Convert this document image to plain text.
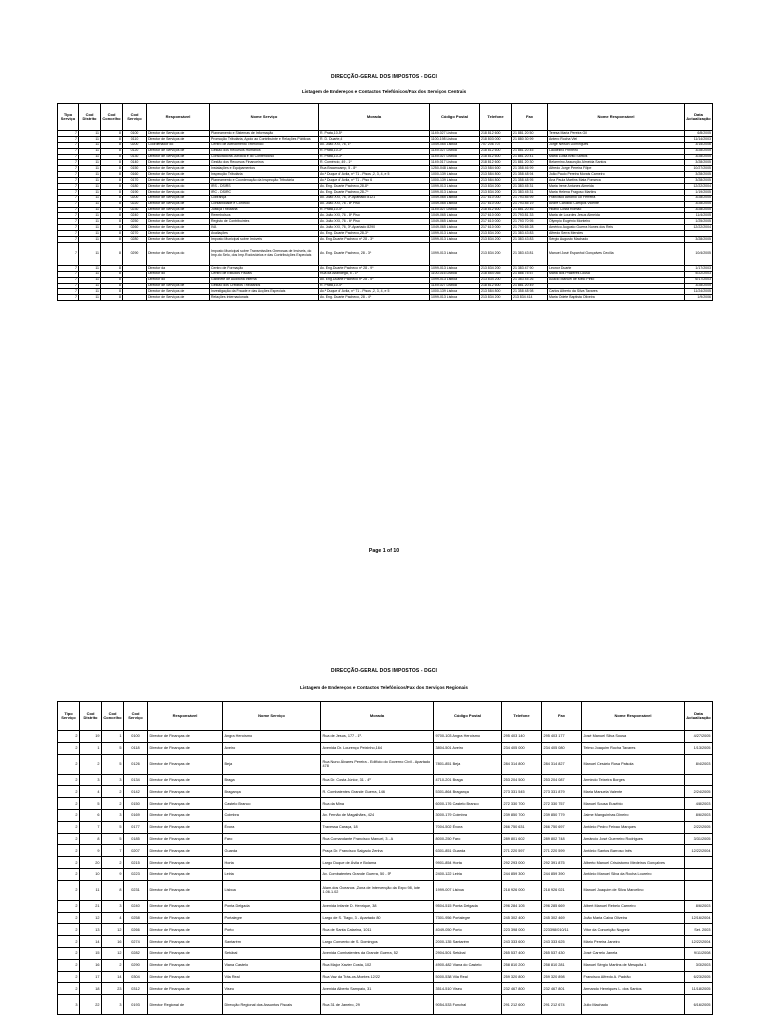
DIRECÇÃO-GERAL DOS IMPOSTOS - DGCI
Listagem de Endereços e Contactos Telefónicos/Fax dos Serviços Centrais
Tipo Serviço	Cod Distrito	Cod Concelho	Cod Serviço	Responsável	Nome Serviço	Morada	Código Postal	Telefone	Fax	Nome Responsável	Data Actualização
7	11	8	0100	Director de Serviços de	Planeamento e Sistemas de Informação	R. Prata,10-5º	1149-027 Lisboa	218 812 600	21 881 20 50	Teresa Maria Pereira Gil	6/8/2005
7	11	8	0110	Director de Serviços de	Promoção Tributária, Apoio ao Contribuinte e Relações Públicas	R. D. Duarte,4	1100-198 Lisboa	218 803 000	21 880 30 99	Antero Rocha Viei	11/14/2003
7	11	8	0200	Coordenador do	Centro de Atendimento Telefónico	Av. João XXI, 76, 1º	1049-065 Lisboa	707 206 707		Jorge Nelson Domingues	3/15/2006
7	11	8	0120	Director de Serviços de	Gestão dos Recursos Humanos	R. Prata,10-3º	1149-027 Lisboa	218 812 600	21 881 20 45	Laudelino Pinheiro	3/28/2005
7	11	8	0130	Director de Serviços de	Consultadoria Jurídica e do Contencioso	R. Prata,10-3º	1149-027 Lisboa	218 812 600	21 881 20 41	Maria Luísa Brito Santos	3/28/2005
7	11	8	0140	Director de Serviços de	Gestão dos Recursos Financeiros	R. Comércio, 49 - 1º	1149-017 Lisboa	218 812 600	21 881 20 30	Belarmino Assunção Almeida Santos	3/28/2005
7	11	8	0150	Director de Serviços de	Instalações e Equipamentos	Rua Braamcamp, 5 - 8º	1250-048 Lisboa	213 584 600	21 358 46 99	Alfredo Jorge Pereira Filipe	10/27/2005
7	11	8	0160	Director de Serviços de	Inspecção Tributária	Av.ª Duque d' Avila, nº 71 - Pisos ,2, 3, 4, e 5	1000-139 Lisboa	213 584 800	21 358 48 94	João Paulo Pereira Morais Carneiro	3/28/2005
7	11	8	0170	Director de Serviços de	Planeamento e Coordenação da Inspecção Tributária	Av.ª Duque d' Avila, nº 71 - Piso 6	1000-139 Lisboa	213 584 800	21 358 48 95	Ana Paula Martins Mata Fonseca	3/28/2005
7	11	8	0180	Director de Serviços do	IRS - DSIRS	Av. Eng. Duarte Pacheco,28-8º	1099-013 Lisboa	213 834 200	21 383 45 31	Maria Irene Antunes Almeida	12/22/2004
7	11	8	0190	Director de Serviços do	IRC - DSIRC	Av. Eng. Duarte Pacheco,28-7º	1099-013 Lisboa	213 834 200	21 383 45 31	Maria Helena Fragoso Martins	1/19/2005
7	11	8	0200	Director de Serviços de	Cobrança	Av. João XXI, 76, 3º-Apartado 8121	1049-065 Lisboa	217 610 000	21 793 85 99	Francisco António Gil Ferreira	3/28/2005
7	11	8	0220	Director de Serviços de	Contabilidade e Controlo	Av. João XXI, 76 - 8º Piso	1049-065 Lisboa	217 610 000	21 793 85 19	André Cândido Campos Vicente	3/28/2005
7	11	8	0230	Director de Serviços de	Justiça Tributária	R. Prata,10-4º	1149-027 Lisboa	218 812 600	21 881 20 46	Hilário Costa Romão	3/28/2005
7	11	8	0240	Director de Serviços de	Reembolsos	Av. João XXI, 76 - 8º Piso	1049-065 Lisboa	217 610 000	21 793 81 33	Maria de Lourdes Jesus Almeida	11/4/2005
7	11	8	0250	Director de Serviços de	Registo de Contribuintes	Av. João XXI, 76 - 6º Piso	1049-065 Lisboa	217 610 000	21 793 70 95	Olympio Eugénio Monteiro	1/25/2005
7	11	8	0260	Director de Serviços de	IVA	Av. João XXI, 76, 3º-Apartado 8290	1049-065 Lisboa	217 610 000	21 793 65 28	Américo Augusto Guerra Nunes dos Reis	12/22/2004
7	11	8	0270	Director de Serviços de	Avaliações	Av. Eng. Duarte Pacheco,28-3º	1099-013 Lisboa	213 834 200	21 383 43 83	Alfredo Serra Mendes	
7	11	8	0280	Director de Serviços de	Imposto Municipal sobre Imóveis	Av. Eng.Duarte Pacheco nº 28 - 3º	1099-013 Lisboa	213 834 200	21 383 43 83	Sérgio Augusto Machado	3/28/2005
7	11	8	0290	Director de Serviços do	Imposto Municipal sobre Transmissões Onerosas de Imóveis, do Imp.do Selo, dos Imp.Rodoviários e das Contribuições Especiais	Av. Eng. Duarte Pacheco, 28 - 3º	1099-013 Lisboa	213 834 200	21 383 43 81	Manuel José Espanhol Gonçalves Cecília	10/4/2005
7	11	8		Director da	Centro de Formação	Av. Eng.Duarte Pacheco nº 28 - 9º	1099-013 Lisboa	213 834 200	21 383 47 90	Leonor Duarte	1/17/2003
7	11	8		Director do	Centro de Estudos Fiscais	Rua da Alfândega, 5 - 1º	1100-016 Lisboa	218 854 065	21 886 75 57	Maria dos Prazeres Lousa	5/22/2003
7	11	8		Director do	Gabinete de Auditoria Interna	Av. Eng.Duarte Pacheco nº 28 - 5º	1099-013 Lisboa	213 834 200	21 383 45 26	Acácio Manuel de Melo Pinto	6/17/2003
7	11	8		Director de Serviços de	Gestão dos Créditos Tributários	R. Prata,10-4º	1149-027 Lisboa	218 812 600	21 881 20 49		3/28/2005
7	11	8		Director de Serviços de	Investigação da Fraude e das Acções Especiais	Av.ª Duque d' Avila, nº 71 - Pisos ,2, 3, 4, e 5	1000-139 Lisboa	213 584 800	21 358 48 98	Carlos Alberto da Silva Tavares	11/24/2005
7	11	8		Director de Serviços de	Relações Internacionais	Av. Eng. Duarte Pacheco, 28 - 4º	1099-013 Lisboa	213 834 200	213 834 414	Maria Odete Baptista Oliveira	1/9/2006
Page 1 of 10
DIRECÇÃO-GERAL DOS IMPOSTOS - DGCI
Listagem de Endereços e Contactos Telefónicos/Fax dos Serviços Regionais
Tipo Serviço	Cod Distrito	Cod Concelho	Cod Serviço	Responsável	Nome Serviço	Morada	Código Postal	Telefone	Fax	Nome Responsável	Data Actualização
2	19	1	0100	Director de Finanças de	Angra Heroísmo	Rua de Jesus, 177 - 1º.	9700-103 Angra Heroísmo	295 403 140	295 403 177	José Manuel Silva Sousa	4/27/2005
2	1	5	0118	Director de Finanças de	Aveiro	Avenida Dr. Lourenço Peixinho,164	3804-501 Aveiro	234 405 000	234 405 080	Telmo Joaquim Rocha Tavares	1/13/2005
2	2	5	0126	Director de Finanças de	Beja	Rua Nuno Álvares Pereira - Edifício do Governo Civil - Apartado 478	7801-851 Beja	284 314 800	284 314 827	Manuel Cesário Rosa Palsola	8/4/2003
2	3	3	0134	Director de Finanças de	Braga	Rua Dr. Costa Júnior, 31 - 4º	4710-201 Braga	253 204 500	253 204 087	Armindo Teixeira Borges	
2	4	2	0142	Director de Finanças de	Bragança	R. Combatentes Grande Guerra, 146	5301-864 Bragança	273 331 545	273 331 879	Maria Manuela Valente	2/24/2005
2	5	2	0150	Director de Finanças de	Castelo Branco	Rua da Mina	6000-176 Castelo Branco	272 330 700	272 330 757	Manuel Sousa Eusébio	4/8/2003
2	6	3	0169	Director de Finanças de	Coimbra	Av. Fernão de Magalhães, 424	3000-179 Coimbra	239 850 700	239 850 779	Jaime Manguinhas Dineiro	8/6/2003
2	7	5	0177	Director de Finanças de	Évora	Travessa Caraça, 18	7004-502 Évora	266 750 631	266 750 697	Antônio Pedro Feixao Marques	2/22/2005
2	8	5	0185	Director de Finanças de	Faro	Rua Comandante Francisco Manuel, 3 - A	8000-250 Faro	289 801 602	289 802 748	Amâncio José Guerreiro Rodrigues	3/31/2005
2	9	7	0207	Director de Finanças de	Guarda	Praça Dr. Francisco Salgado Zenha	6301-851 Guarda	271 220 597	271 220 599	Antônio Santos Barroso Inês	12/22/2004
2	20	2	0215	Director de Finanças de	Horta	Largo Duque de Ávila e Bolama	9901-854 Horta	292 293 000	292 391 875	Alberto Manuel Crisóstomo Medeiros Gonçalves	
2	10	9	0223	Director de Finanças de	Leiria	Av. Combatentes Grande Guerra, 50 - 5º	2400-122 Leiria	244 859 300	244 859 390	Antônio Manuel Silva da Rocha Loureiro	
2	11	8	0231	Director de Finanças de	Lisboa	Alam.dos Oceanos ,Zona de Intervenção da Expo 98, lote 1.06.1.02	1999-007 Lisboa	218 926 000	218 926 021	Manuel Joaquim de Silva Marcelino	
2	21	3	0240	Director de Finanças de	Ponta Delgada	Avenida Infante D. Henrique, 38	9504-515 Ponta Delgada	296 284 105	296 285 669	Albert Manuel Rebelo Carneiro	8/6/2003
2	12	4	0258	Director de Finanças de	Portalegre	Largo de S. Tiago, 3 - Apartado 80	7301-956 Portalegre	245 302 400	245 302 469	João Maria Caixa Oliveira	12/16/2004
2	13	12	0266	Director de Finanças de	Porto	Rua de Santa Catarina, 1011	4049-050 Porto	223 398 000	223398/010/11	Vitor da Conceição Nogreiz	Set. 2003
2	14	16	0274	Director de Finanças de	Santarém	Largo Convento de S. Domingos	2000-135 Santarém	243 333 600	243 333 625	Mário Pereira Janeiro	12/22/2004
2	15	12	0282	Director de Finanças de	Setúbal	Avenida Combatentes da Grande Guerra, 52	2904-501 Setúbal	265 537 400	265 537 430	José Carrelo Janela	9/11/2008
2	16	2	0290	Director de Finanças de	Viana Castelo	Rua Major Xavier Costa, 102	4900-482 Viana do Castelo	258 810 200	258 810 281	Manuel Sérgio Martins de Mesquita 1	3/3/2003
2	17	14	0304	Director de Finanças de	Vila Real	Rua Vaz da Trás-os-Montes 12/22	5000-538 Vila Real	259 320 800	259 320 898	Francisco Alfredo A. Padrão	6/23/2005
2	18	23	0312	Director de Finanças de	Viseu	Avenida Alberto Sampaio, 31	3514-510 Viseu	232 467 800	232 467 801	Armando Henriques L. dos Santos	11/18/2005
3	22	3	0193	Director Regional de	Direcção Regional dos Assuntos Fiscais	Rua 31 de Janeiro, 29	9054-533 Funchal	291 212 600	291 212 674	Julio Machado	6/16/2005
